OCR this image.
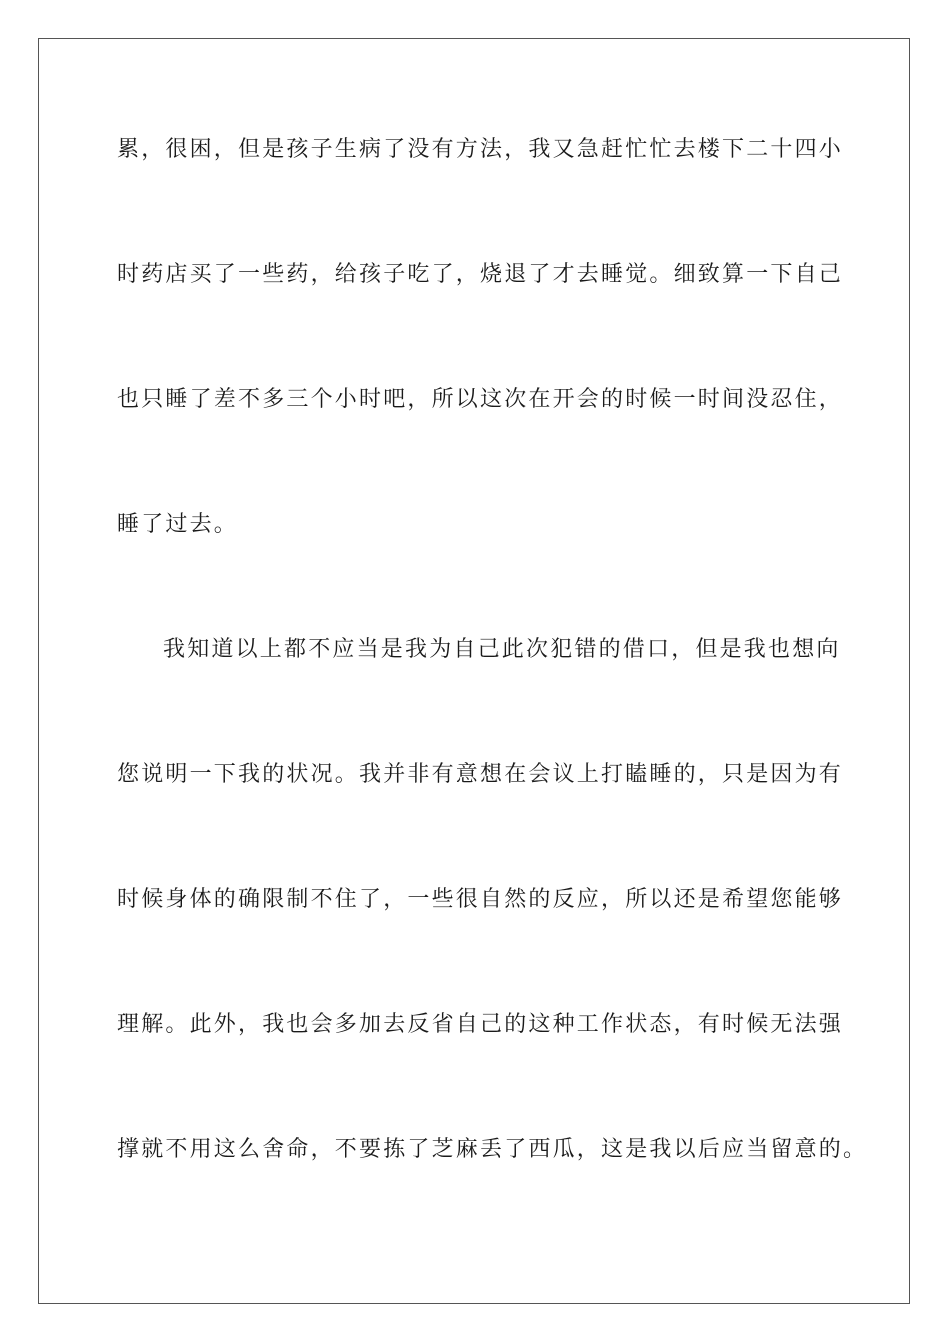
累，很困，但是孩子生病了没有方法，我又急赶忙忙去楼下二十四小

时药店买了一些药，给孩子吃了，烧退了才去睡觉。细致算一下自己

也只睡了差不多三个小时吧，所以这次在开会的时候一时间没忍住，

睡了过去。

我知道以上都不应当是我为自己此次犯错的借口，但是我也想向

您说明一下我的状况。我并非有意想在会议上打瞌睡的，只是因为有

时候身体的确限制不住了，一些很自然的反应，所以还是希望您能够

理解。此外，我也会多加去反省自己的这种工作状态，有时候无法强

撑就不用这么舍命，不要拣了芝麻丢了西瓜，这是我以后应当留意的。
